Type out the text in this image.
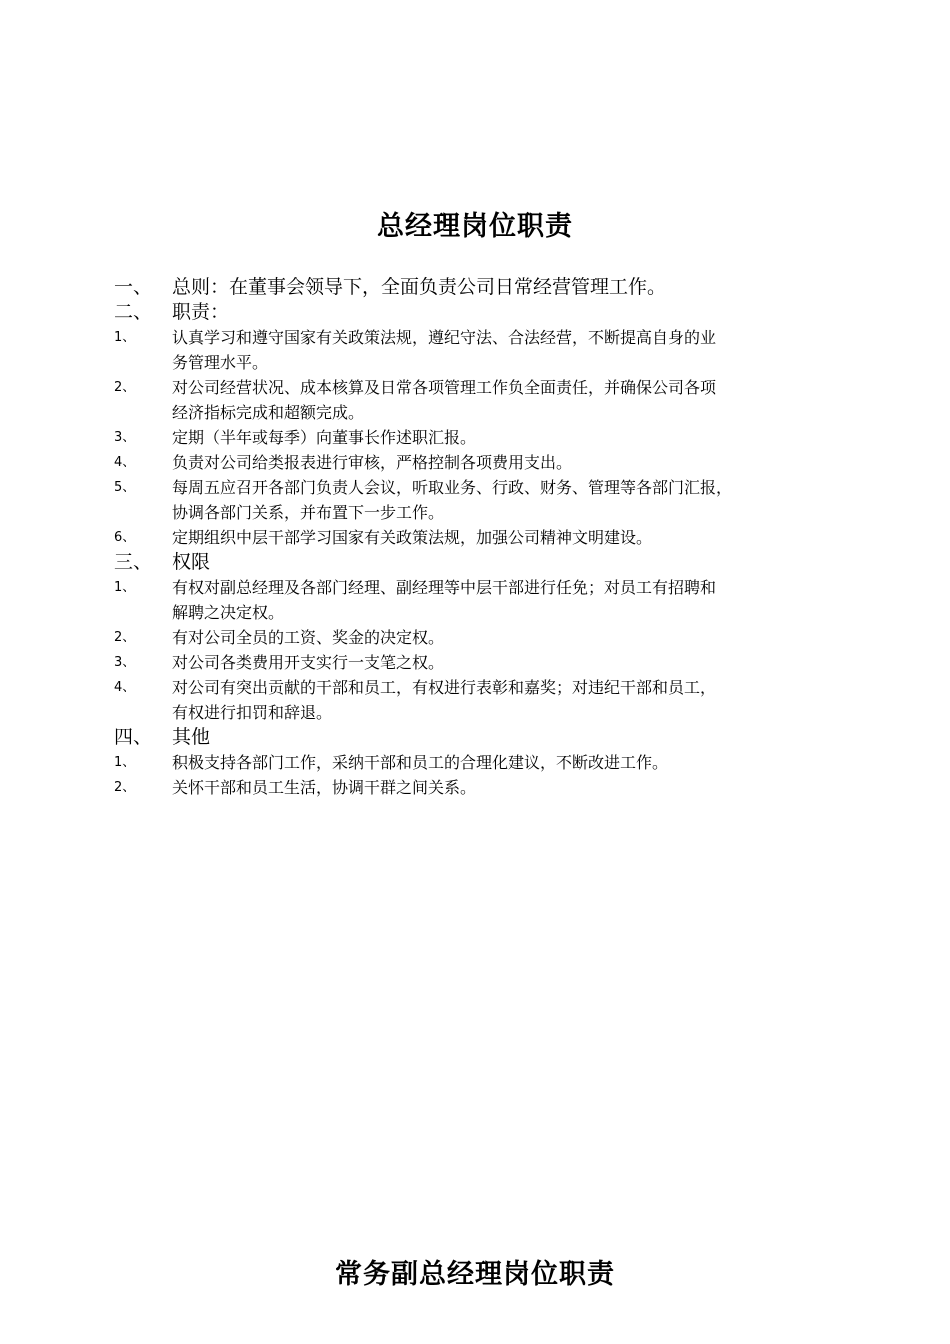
总经理岗位职责
一、	总则：在董事会领导下，全面负责公司日常经营管理工作。
二、	职责：
1、	认真学习和遵守国家有关政策法规，遵纪守法、合法经营，不断提高自身的业
务管理水平。
2、	对公司经营状况、成本核算及日常各项管理工作负全面责任，并确保公司各项
经济指标完成和超额完成。
3、	定期（半年或每季）向董事长作述职汇报。
4、	负责对公司给类报表进行审核，严格控制各项费用支出。
5、	每周五应召开各部门负责人会议，听取业务、行政、财务、管理等各部门汇报，
协调各部门关系，并布置下一步工作。
6、	定期组织中层干部学习国家有关政策法规，加强公司精神文明建设。
三、	权限
1、	有权对副总经理及各部门经理、副经理等中层干部进行任免；对员工有招聘和
解聘之决定权。
2、	有对公司全员的工资、奖金的决定权。
3、	对公司各类费用开支实行一支笔之权。
4、	对公司有突出贡献的干部和员工，有权进行表彰和嘉奖；对违纪干部和员工，
有权进行扣罚和辞退。
四、	其他
1、	积极支持各部门工作，采纳干部和员工的合理化建议，不断改进工作。
2、	关怀干部和员工生活，协调干群之间关系。
常务副总经理岗位职责
